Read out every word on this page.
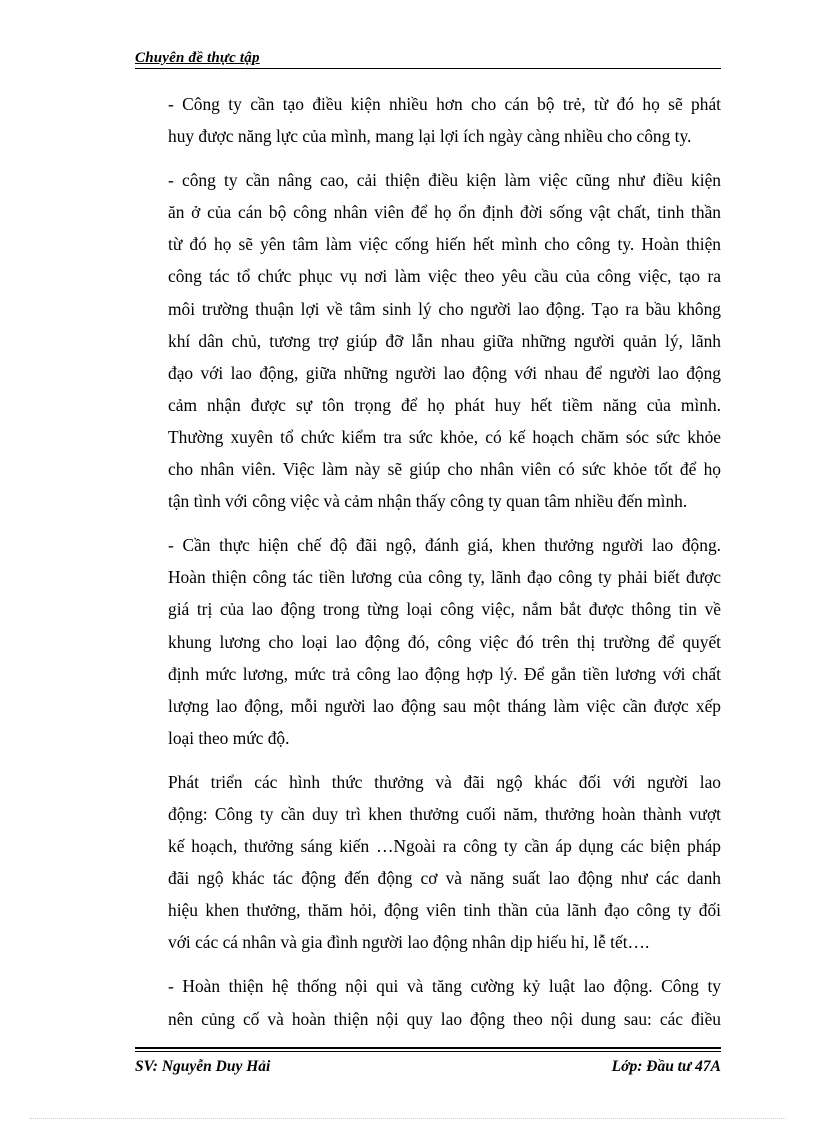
Chuyên đề thực tập

- Công ty cần tạo điều kiện nhiều hơn cho cán bộ trẻ, từ đó họ sẽ phát
huy được năng lực của mình, mang lại lợi ích ngày càng nhiều cho công ty.

- công ty cần nâng cao, cải thiện điều kiện làm việc cũng như điều kiện
ăn ở của cán bộ công nhân viên để họ ổn định đời sống vật chất, tinh thần
từ đó họ sẽ yên tâm làm việc cống hiến hết mình cho công ty. Hoàn thiện
công tác tổ chức phục vụ nơi làm việc theo yêu cầu của công việc, tạo ra
môi trường thuận lợi về tâm sinh lý cho người lao động. Tạo ra bầu không
khí dân chủ, tương trợ giúp đỡ lẫn nhau giữa những người quản lý, lãnh
đạo với lao động, giữa những người lao động với nhau để người lao động
cảm nhận được sự tôn trọng để họ phát huy hết tiềm năng của mình.
Thường xuyên tổ chức kiểm tra sức khỏe, có kế hoạch chăm sóc sức khỏe
cho nhân viên. Việc làm này sẽ giúp cho nhân viên có sức khỏe tốt để họ
tận tình với công việc và cảm nhận thấy công ty quan tâm nhiều đến mình.

- Cần thực hiện chế độ đãi ngộ, đánh giá, khen thưởng người lao động.
Hoàn thiện công tác tiền lương của công ty, lãnh đạo công ty phải biết được
giá trị của lao động trong từng loại công việc, nắm bắt được thông tin về
khung lương cho loại lao động đó, công việc đó trên thị trường để quyết
định mức lương, mức trả công lao động hợp lý. Để gắn tiền lương với chất
lượng lao động, mỗi người lao động sau một tháng làm việc cần được xếp
loại theo mức độ.

Phát triển các hình thức thưởng và đãi ngộ khác đối với người lao
động: Công ty cần duy trì khen thưởng cuối năm, thưởng hoàn thành vượt
kế hoạch, thưởng sáng kiến …Ngoài ra công ty cần áp dụng các biện pháp
đãi ngộ khác tác động đến động cơ và năng suất lao động như các danh
hiệu khen thưởng, thăm hỏi, động viên tinh thần của lãnh đạo công ty đối
với các cá nhân và gia đình người lao động nhân dịp hiếu hỉ, lễ tết….

- Hoàn thiện hệ thống nội qui và tăng cường kỷ luật lao động. Công ty
nên củng cố và hoàn thiện nội quy lao động theo nội dung sau: các điều

SV: Nguyễn Duy Hải	Lớp: Đầu tư 47A
